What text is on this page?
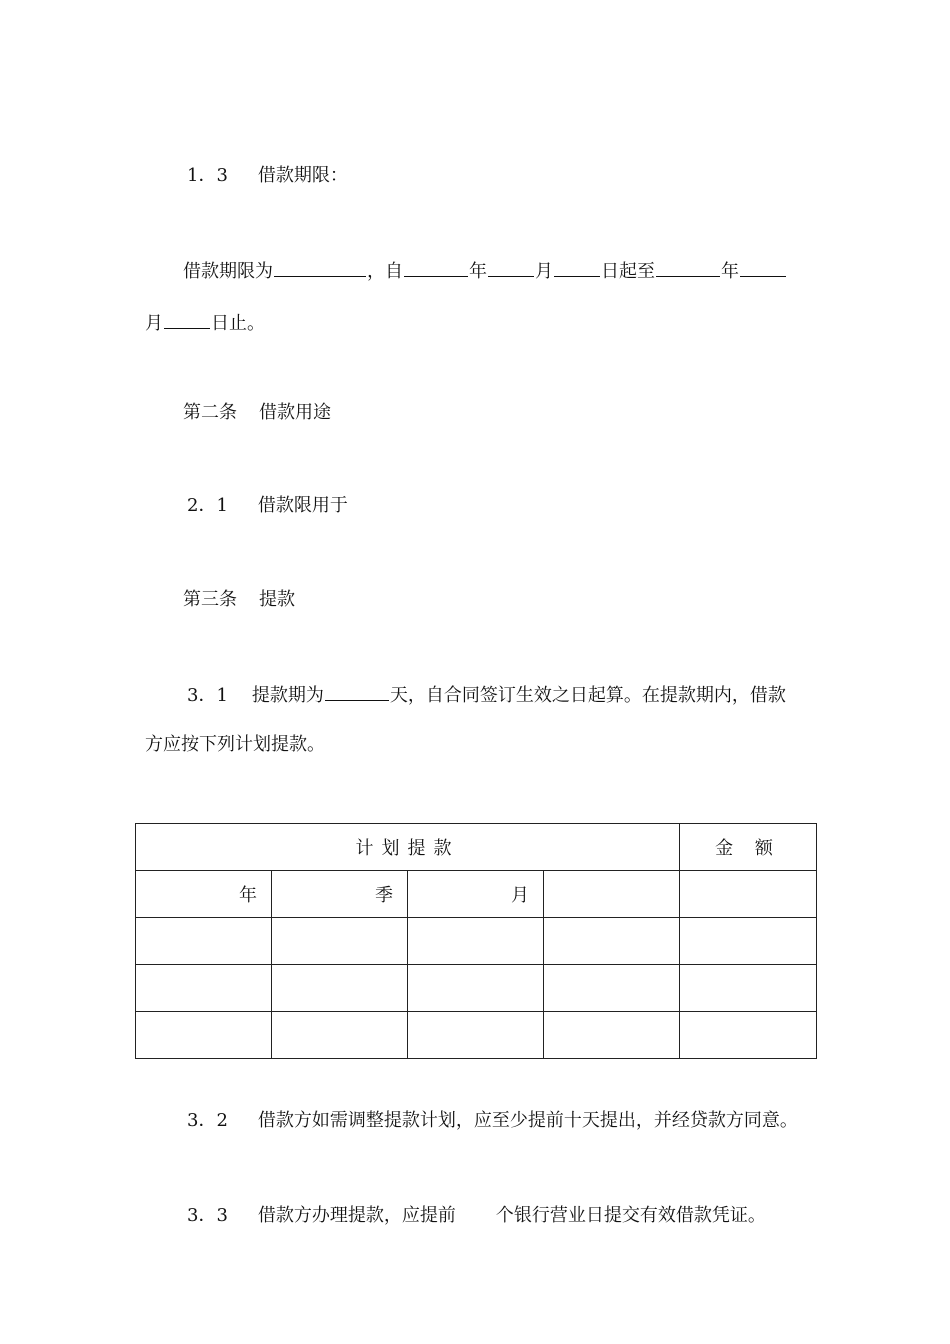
1．3 借款期限：
借款期限为	，自	年	月	日起至	年
月	日止。
第二条 借款用途
2．1 借款限用于
第三条 提款
3．1 提款期为	天，自合同签订生效之日起算。在提款期内，借款
方应按下列计划提款。
计划提款				金 额
年	季	月		

3．2 借款方如需调整提款计划，应至少提前十天提出，并经贷款方同意。
3．3 借款方办理提款，应提前 个银行营业日提交有效借款凭证。
